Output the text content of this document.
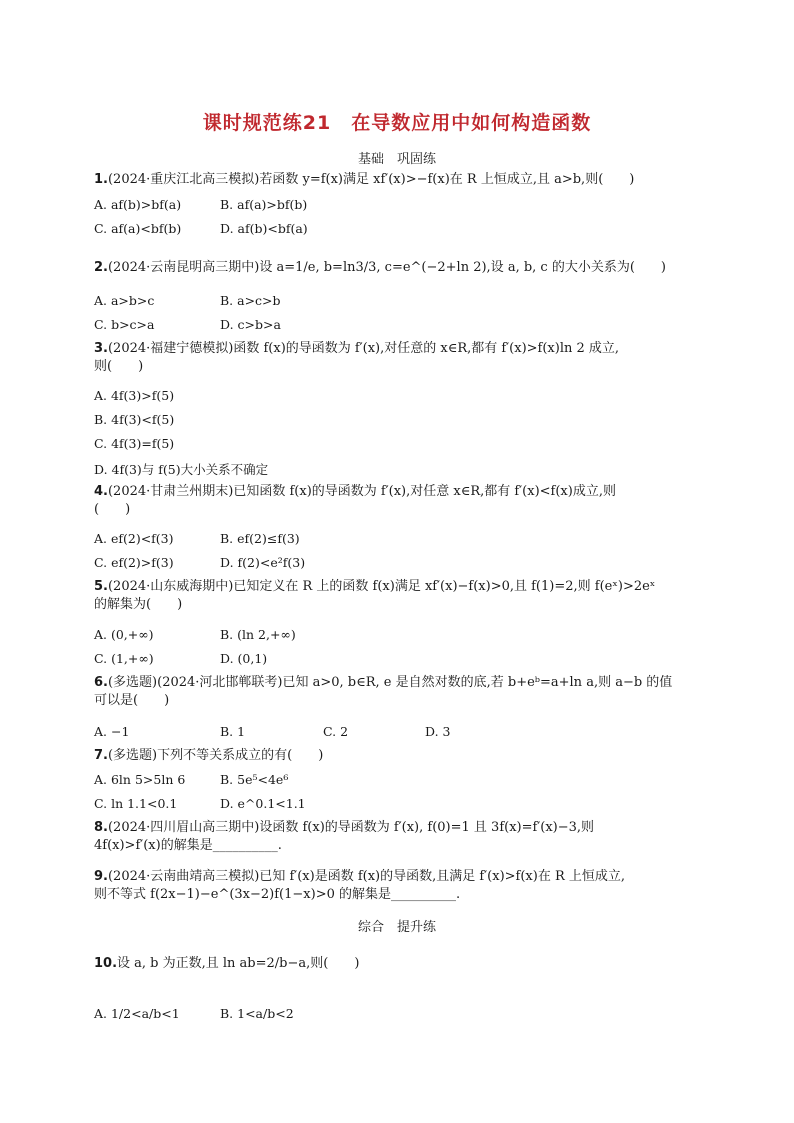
课时规范练21　在导数应用中如何构造函数
基础　巩固练
1.(2024·重庆江北高三模拟)若函数 y=f(x)满足 xf′(x)>−f(x)在 R 上恒成立,且 a>b,则(　　)
A. af(b)>bf(a)	B. af(a)>bf(b)
C. af(a)<bf(b)	D. af(b)<bf(a)
2.(2024·云南昆明高三期中)设 a=1/e, b=ln3/3, c=e^(−2+ln 2),设 a, b, c 的大小关系为(　　)
A. a>b>c	B. a>c>b
C. b>c>a	D. c>b>a
3.(2024·福建宁德模拟)函数 f(x)的导函数为 f′(x),对任意的 x∈R,都有 f′(x)>f(x)ln 2 成立,
则(　　)
A. 4f(3)>f(5)
B. 4f(3)<f(5)
C. 4f(3)=f(5)
D. 4f(3)与 f(5)大小关系不确定
4.(2024·甘肃兰州期末)已知函数 f(x)的导函数为 f′(x),对任意 x∈R,都有 f′(x)<f(x)成立,则
(　　)
A. ef(2)<f(3)	B. ef(2)≤f(3)
C. ef(2)>f(3)	D. f(2)<e²f(3)
5.(2024·山东威海期中)已知定义在 R 上的函数 f(x)满足 xf′(x)−f(x)>0,且 f(1)=2,则 f(eˣ)>2eˣ
的解集为(　　)
A. (0,+∞)	B. (ln 2,+∞)
C. (1,+∞)	D. (0,1)
6.(多选题)(2024·河北邯郸联考)已知 a>0, b∈R, e 是自然对数的底,若 b+eᵇ=a+ln a,则 a−b 的值
可以是(　　)
A. −1	B. 1	C. 2	D. 3
7.(多选题)下列不等关系成立的有(　　)
A. 6ln 5>5ln 6	B. 5e⁵<4e⁶
C. ln 1.1<0.1	D. e^0.1<1.1
8.(2024·四川眉山高三期中)设函数 f(x)的导函数为 f′(x), f(0)=1 且 3f(x)=f′(x)−3,则
4f(x)>f′(x)的解集是__________.
9.(2024·云南曲靖高三模拟)已知 f′(x)是函数 f(x)的导函数,且满足 f′(x)>f(x)在 R 上恒成立,
则不等式 f(2x−1)−e^(3x−2)f(1−x)>0 的解集是__________.
综合　提升练
10.设 a, b 为正数,且 ln ab=2/b−a,则(　　)
A. 1/2<a/b<1	B. 1<a/b<2
